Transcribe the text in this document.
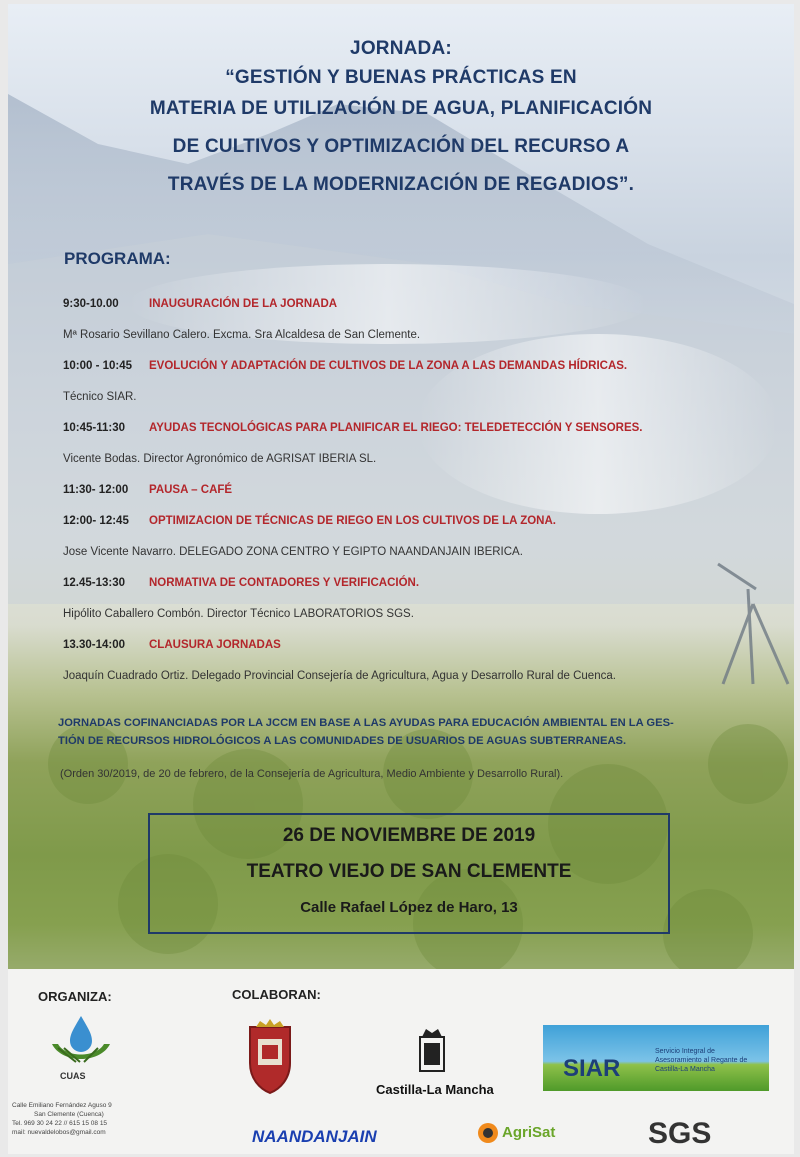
JORNADA:

“GESTIÓN Y BUENAS PRÁCTICAS EN

MATERIA DE UTILIZACIÓN DE AGUA, PLANIFICACIÓN

DE CULTIVOS Y OPTIMIZACIÓN DEL RECURSO A

TRAVÉS DE LA MODERNIZACIÓN DE REGADIOS”.

PROGRAMA:
9:30-10.00	INAUGURACIÓN DE LA JORNADA
Mª Rosario Sevillano Calero. Excma. Sra Alcaldesa de San Clemente.
10:00 - 10:45	EVOLUCIÓN Y ADAPTACIÓN DE CULTIVOS DE LA ZONA A LAS DEMANDAS HÍDRICAS.
Técnico SIAR.
10:45-11:30	AYUDAS TECNOLÓGICAS PARA PLANIFICAR EL RIEGO: TELEDETECCIÓN Y SENSORES.
Vicente Bodas. Director Agronómico de AGRISAT IBERIA SL.
11:30- 12:00	PAUSA – CAFÉ
12:00- 12:45	OPTIMIZACION DE TÉCNICAS DE RIEGO EN LOS CULTIVOS DE LA ZONA.
Jose Vicente Navarro. DELEGADO ZONA CENTRO Y EGIPTO NAANDANJAIN IBERICA.
12.45-13:30	NORMATIVA DE CONTADORES Y VERIFICACIÓN.
Hipólito Caballero Combón. Director Técnico LABORATORIOS SGS.
13.30-14:00	CLAUSURA JORNADAS
Joaquín Cuadrado Ortiz. Delegado Provincial Consejería de Agricultura, Agua y Desarrollo Rural de Cuenca.
JORNADAS COFINANCIADAS POR LA JCCM EN BASE A LAS AYUDAS PARA EDUCACIÓN AMBIENTAL EN LA GES-
TIÓN DE RECURSOS HIDROLÓGICOS A LAS COMUNIDADES DE USUARIOS DE AGUAS SUBTERRANEAS.
(Orden 30/2019, de 20 de febrero, de la Consejería de Agricultura, Medio Ambiente y Desarrollo Rural).
26 DE NOVIEMBRE DE 2019
TEATRO VIEJO DE SAN CLEMENTE
Calle Rafael López de Haro, 13
ORGANIZA:	COLABORAN:
CUAS
Calle Emiliano Fernández Aguso 9
San Clemente (Cuenca)
Tel. 969 30 24 22 // 615 15 08 15
mail: nuevaldelobos@gmail.com
Castilla-La Mancha
SIAR
Servicio Integral de Asesoramiento al Regante de Castilla-La Mancha
NAANDANJAIN	AgriSat	SGS
